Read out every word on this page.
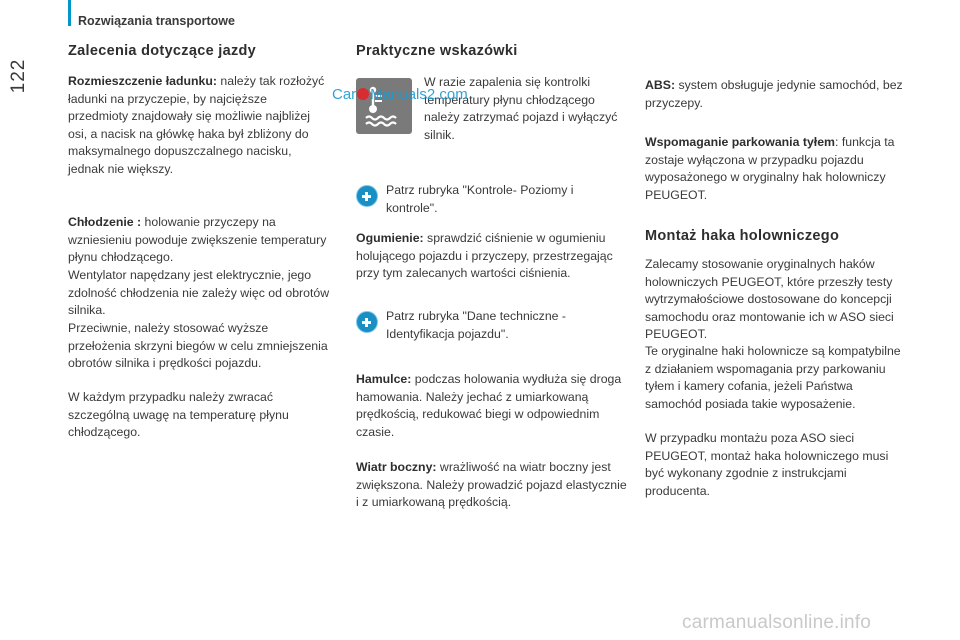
Rozwiązania transportowe
122
Zalecenia dotyczące jazdy

Rozmieszczenie ładunku: należy tak rozłożyć ładunki na przyczepie, by najcięższe przedmioty znajdowały się możliwie najbliżej osi, a nacisk na główkę haka był zbliżony do maksymalnego dopuszczalnego nacisku, jednak nie większy.

Chłodzenie : holowanie przyczepy na wzniesieniu powoduje zwiększenie temperatury płynu chłodzącego.

Wentylator napędzany jest elektrycznie, jego zdolność chłodzenia nie zależy więc od obrotów silnika.

Przeciwnie, należy stosować wyższe przełożenia skrzyni biegów w celu zmniejszenia obrotów silnika i prędkości pojazdu.

W każdym przypadku należy zwracać szczególną uwagę na temperaturę płynu chłodzącego.

Praktyczne wskazówki

W razie zapalenia się kontrolki temperatury płynu chłodzącego należy zatrzymać pojazd i wyłączyć silnik.

Patrz rubryka "Kontrole- Poziomy i kontrole".

Ogumienie: sprawdzić ciśnienie w ogumieniu holującego pojazdu i przyczepy, przestrzegając przy tym zalecanych wartości ciśnienia.

Patrz rubryka "Dane techniczne - Identyfikacja pojazdu".

Hamulce: podczas holowania wydłuża się droga hamowania. Należy jechać z umiarkowaną prędkością, redukować biegi w odpowiednim czasie.

Wiatr boczny: wrażliwość na wiatr boczny jest zwiększona. Należy prowadzić pojazd elastycznie i z umiarkowaną prędkością.

ABS: system obsługuje jedynie samochód, bez przyczepy.

Wspomaganie parkowania tyłem: funkcja ta zostaje wyłączona w przypadku pojazdu wyposażonego w oryginalny hak holowniczy PEUGEOT.

Montaż haka holowniczego

Zalecamy stosowanie oryginalnych haków holowniczych PEUGEOT, które przeszły testy wytrzymałościowe dostosowane do koncepcji samochodu oraz montowanie ich w ASO sieci PEUGEOT.

Te oryginalne haki holownicze są kompatybilne z działaniem wspomagania przy parkowaniu tyłem i kamery cofania, jeżeli Państwa samochód posiada takie wyposażenie.

W przypadku montażu poza ASO sieci PEUGEOT, montaż haka holowniczego musi być wykonany zgodnie z instrukcjami producenta.

Car Manuals2.com
carmanualsonline.info
